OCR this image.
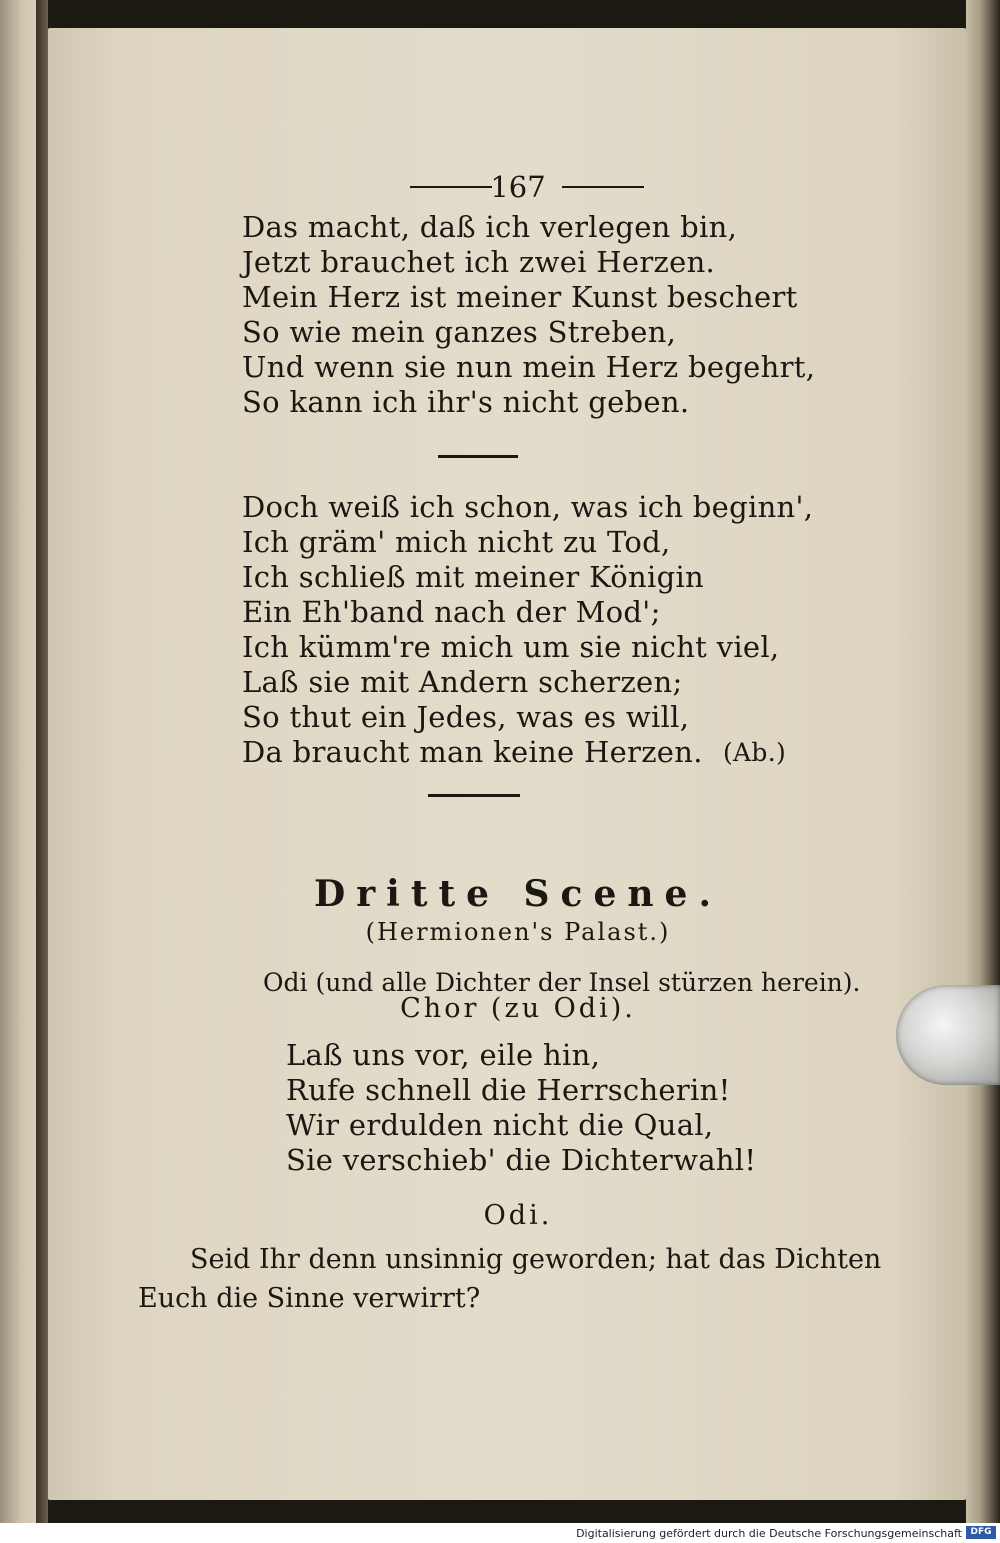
167
Das macht, daß ich verlegen bin,
Jetzt brauchet ich zwei Herzen.
Mein Herz ist meiner Kunst beschert
So wie mein ganzes Streben,
Und wenn sie nun mein Herz begehrt,
So kann ich ihr's nicht geben.
Doch weiß ich schon, was ich beginn',
Ich gräm' mich nicht zu Tod,
Ich schließ mit meiner Königin
Ein Eh'band nach der Mod';
Ich kümm're mich um sie nicht viel,
Laß sie mit Andern scherzen;
So thut ein Jedes, was es will,
Da braucht man keine Herzen. (Ab.)
Dritte Scene.
(Hermionen's Palast.)
Odi (und alle Dichter der Insel stürzen herein).
Chor (zu Odi).
Laß uns vor, eile hin,
Rufe schnell die Herrscherin!
Wir erdulden nicht die Qual,
Sie verschieb' die Dichterwahl!
Odi.
Seid Ihr denn unsinnig geworden; hat das Dichten
Euch die Sinne verwirrt?
Digitalisierung gefördert durch die Deutsche Forschungsgemeinschaft DFG
